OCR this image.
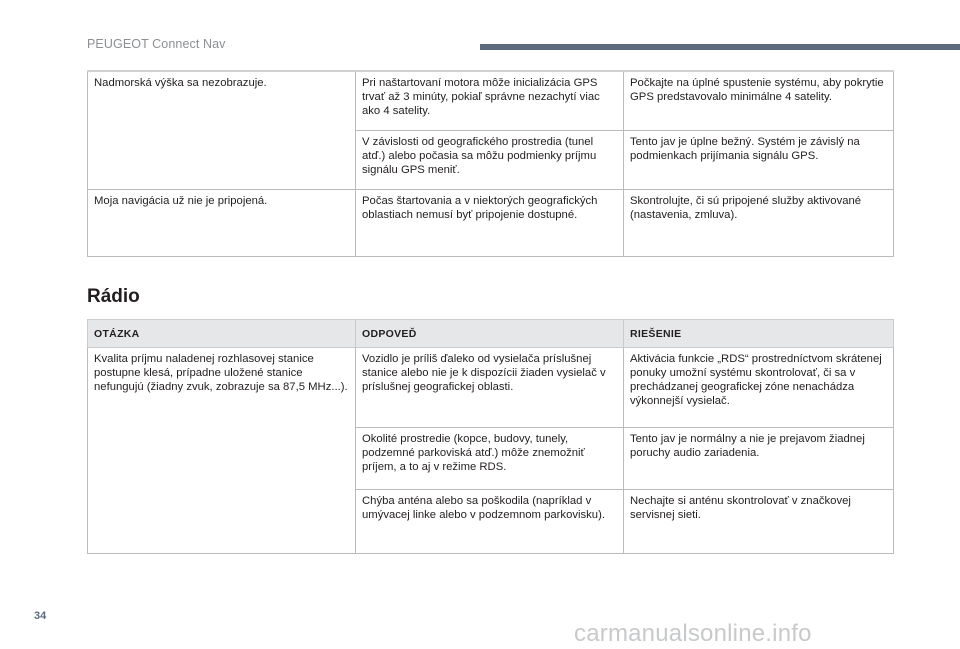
PEUGEOT Connect Nav
Nadmorská výška sa nezobrazuje.	Pri naštartovaní motora môže inicializácia GPS trvať až 3 minúty, pokiaľ správne nezachytí viac ako 4 satelity.	Počkajte na úplné spustenie systému, aby pokrytie GPS predstavovalo minimálne 4 satelity.
	V závislosti od geografického prostredia (tunel atď.) alebo počasia sa môžu podmienky príjmu signálu GPS meniť.	Tento jav je úplne bežný. Systém je závislý na podmienkach prijímania signálu GPS.
Moja navigácia už nie je pripojená.	Počas štartovania a v niektorých geografických oblastiach nemusí byť pripojenie dostupné.	Skontrolujte, či sú pripojené služby aktivované (nastavenia, zmluva).
Rádio
OTÁZKA	ODPOVEĎ	RIEŠENIE
Kvalita príjmu naladenej rozhlasovej stanice postupne klesá, prípadne uložené stanice nefungujú (žiadny zvuk, zobrazuje sa 87,5 MHz...).	Vozidlo je príliš ďaleko od vysielača príslušnej stanice alebo nie je k dispozícii žiaden vysielač v príslušnej geografickej oblasti.	Aktivácia funkcie „RDS“ prostredníctvom skrátenej ponuky umožní systému skontrolovať, či sa v prechádzanej geografickej zóne nenachádza výkonnejší vysielač.
	Okolité prostredie (kopce, budovy, tunely, podzemné parkoviská atď.) môže znemožniť príjem, a to aj v režime RDS.	Tento jav je normálny a nie je prejavom žiadnej poruchy audio zariadenia.
	Chýba anténa alebo sa poškodila (napríklad v umývacej linke alebo v podzemnom parkovisku).	Nechajte si anténu skontrolovať v značkovej servisnej sieti.
34
carmanualsonline.info
